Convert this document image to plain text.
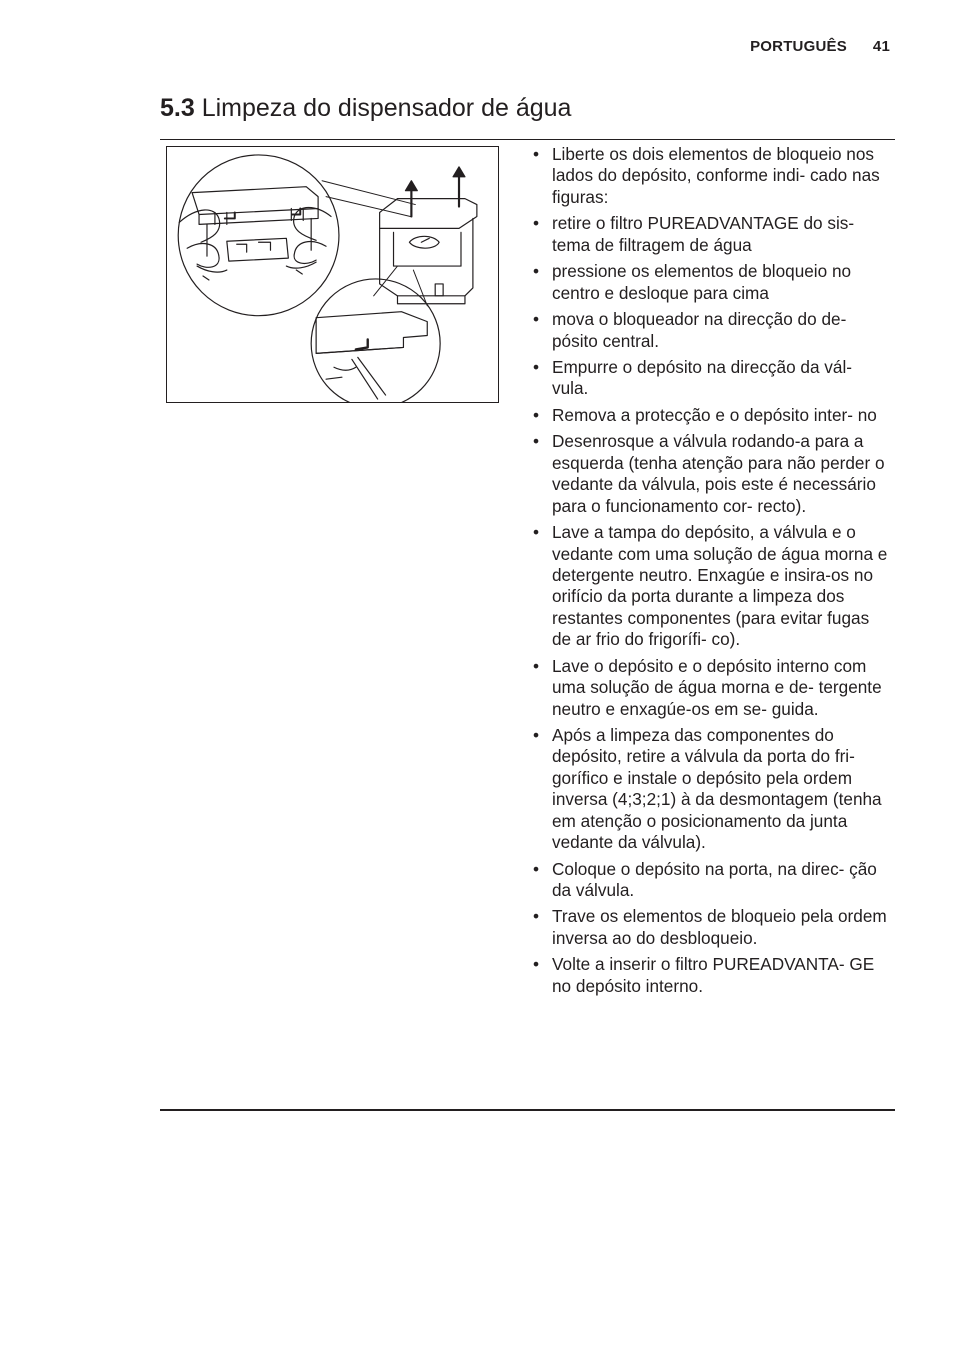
PORTUGUÊS 41
5.3 Limpeza do dispensador de água
• Liberte os dois elementos de bloqueio nos lados do depósito, conforme indi- cado nas figuras:
• retire o filtro PUREADVANTAGE do sis- tema de filtragem de água
• pressione os elementos de bloqueio no centro e desloque para cima
• mova o bloqueador na direcção do de- pósito central.
• Empurre o depósito na direcção da vál- vula.
• Remova a protecção e o depósito inter- no
• Desenrosque a válvula rodando-a para a esquerda (tenha atenção para não perder o vedante da válvula, pois este é necessário para o funcionamento cor- recto).
• Lave a tampa do depósito, a válvula e o vedante com uma solução de água morna e detergente neutro. Enxagúe e insira-os no orifício da porta durante a limpeza dos restantes componentes (para evitar fugas de ar frio do frigorífi- co).
• Lave o depósito e o depósito interno com uma solução de água morna e de- tergente neutro e enxagúe-os em se- guida.
• Após a limpeza das componentes do depósito, retire a válvula da porta do fri- gorífico e instale o depósito pela ordem inversa (4;3;2;1) à da desmontagem (tenha em atenção o posicionamento da junta vedante da válvula).
• Coloque o depósito na porta, na direc- ção da válvula.
• Trave os elementos de bloqueio pela ordem inversa ao do desbloqueio.
• Volte a inserir o filtro PUREADVANTA- GE no depósito interno.
